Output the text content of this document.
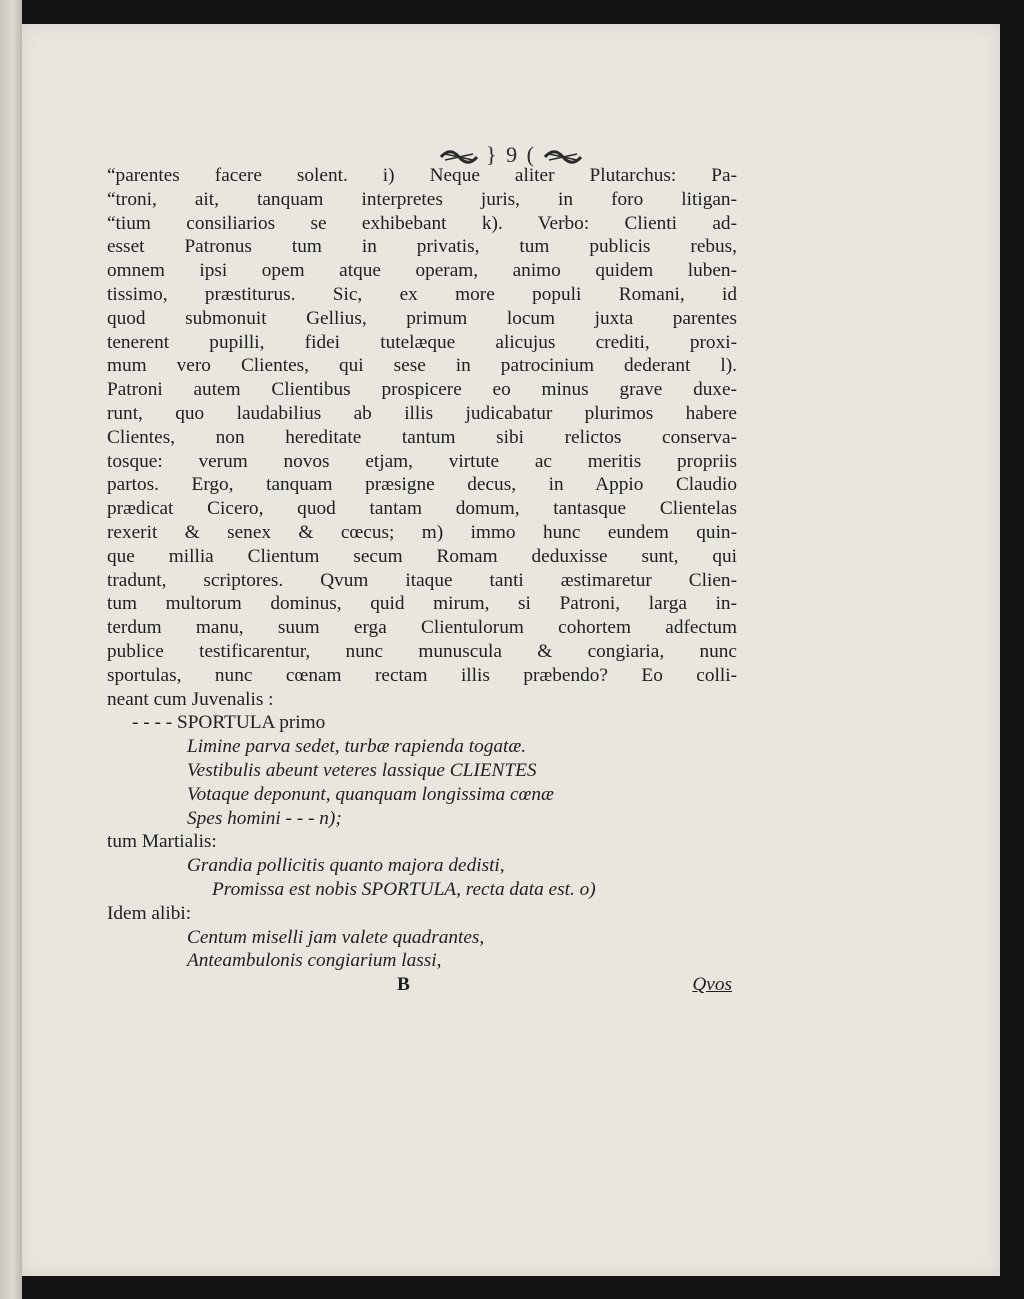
} 9 (
“parentes facere solent. i) Neque aliter Plutarchus: Pa-
“troni, ait, tanquam interpretes juris, in foro litigan-
“tium consiliarios se exhibebant k). Verbo: Clienti ad-
esset Patronus tum in privatis, tum publicis rebus,
omnem ipsi opem atque operam, animo quidem luben-
tissimo, præstiturus. Sic, ex more populi Romani, id
quod submonuit Gellius, primum locum juxta parentes
tenerent pupilli, fidei tutelæque alicujus crediti, proxi-
mum vero Clientes, qui sese in patrocinium dederant l).
Patroni autem Clientibus prospicere eo minus grave duxe-
runt, quo laudabilius ab illis judicabatur plurimos habere
Clientes, non hereditate tantum sibi relictos conserva-
tosque: verum novos etjam, virtute ac meritis propriis
partos. Ergo, tanquam præsigne decus, in Appio Claudio
prædicat Cicero, quod tantam domum, tantasque Clientelas
rexerit & senex & cœcus; m) immo hunc eundem quin-
que millia Clientum secum Romam deduxisse sunt, qui
tradunt, scriptores. Qvum itaque tanti æstimaretur Clien-
tum multorum dominus, quid mirum, si Patroni, larga in-
terdum manu, suum erga Clientulorum cohortem adfectum
publice testificarentur, nunc munuscula & congiaria, nunc
sportulas, nunc cœnam rectam illis præbendo? Eo colli-
neant cum Juvenalis :
- - - - SPORTULA primo
Limine parva sedet, turbæ rapienda togatæ.
Vestibulis abeunt veteres lassique CLIENTES
Votaque deponunt, quanquam longissima cœnæ
Spes homini - - - n);
tum Martialis:
Grandia pollicitis quanto majora dedisti,
Promissa est nobis SPORTULA, recta data est. o)
Idem alibi:
Centum miselli jam valete quadrantes,
Anteambulonis congiarium lassi,
B	Qvos
